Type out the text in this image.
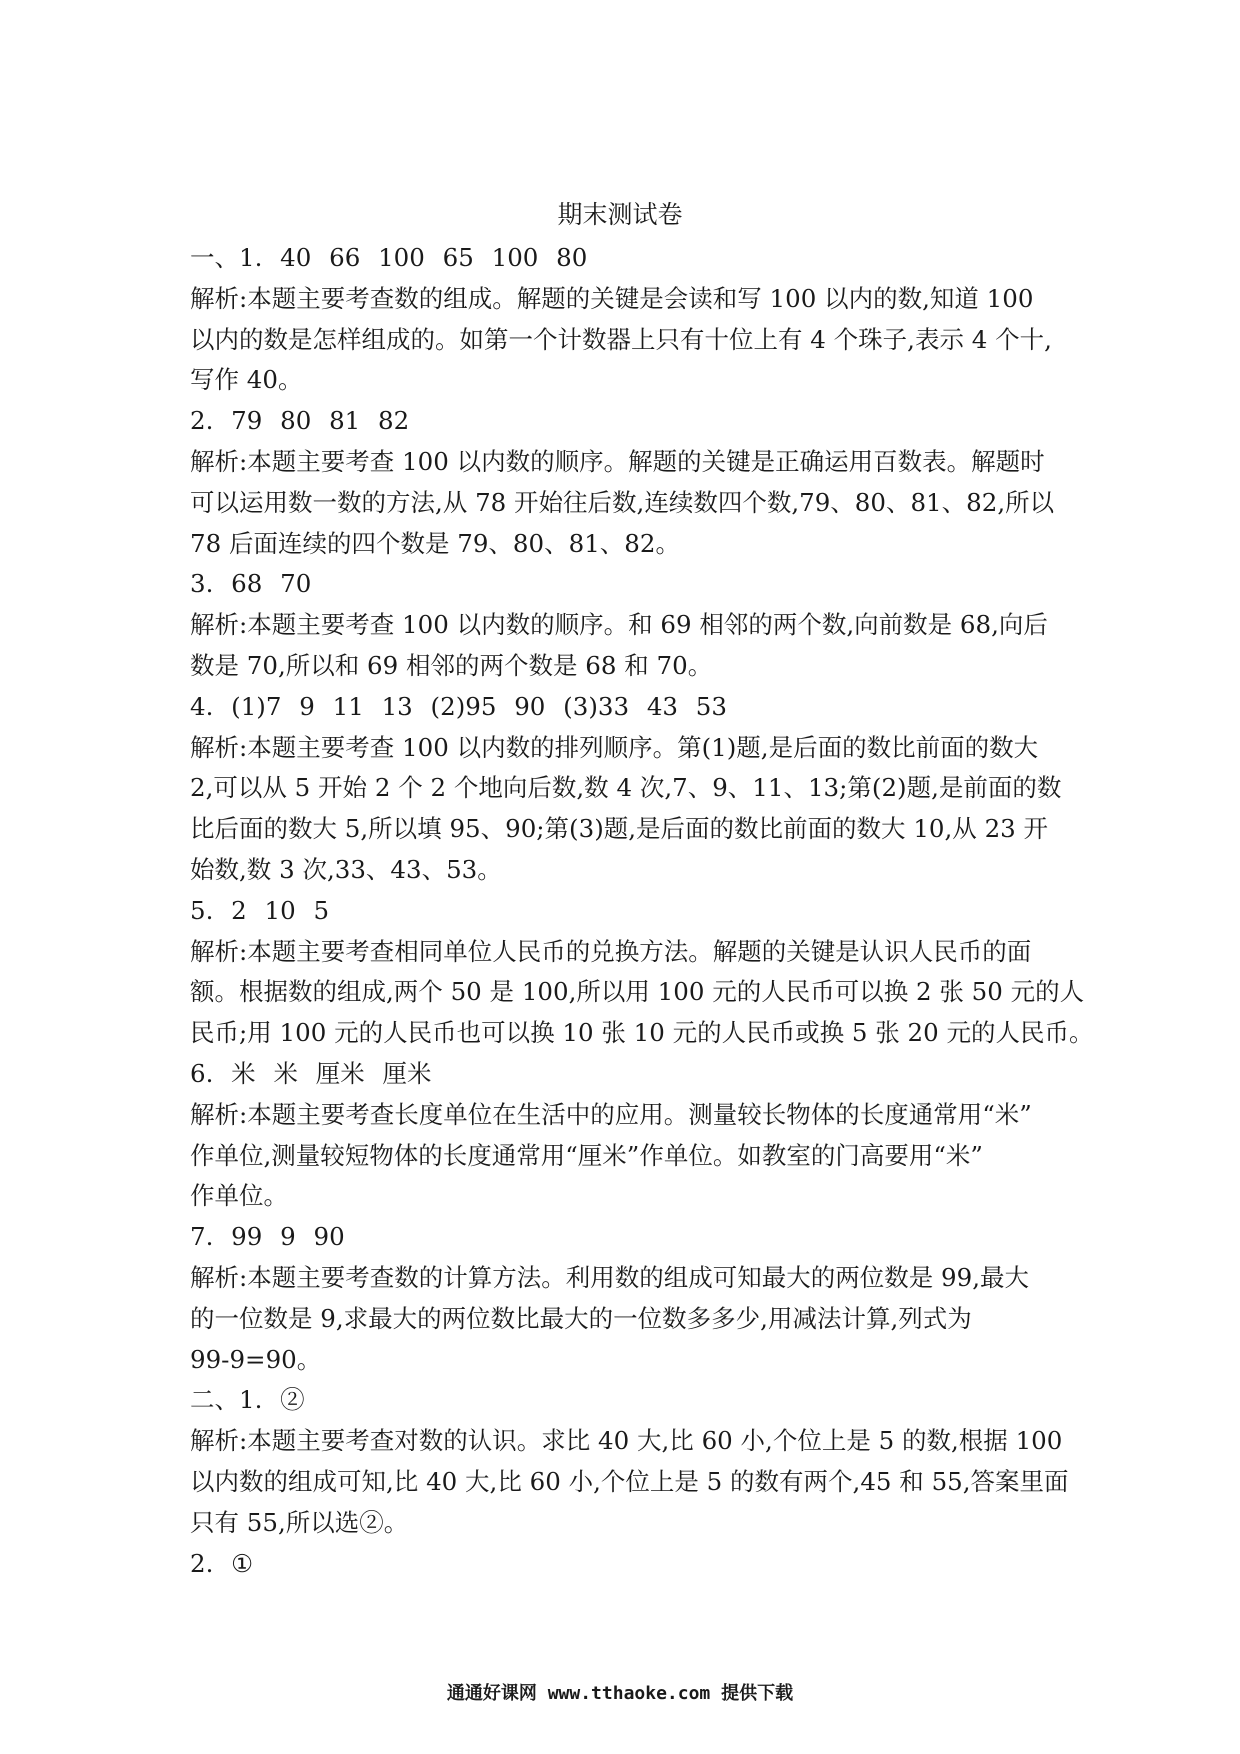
期末测试卷
一、1. 40 66 100 65 100 80
解析:本题主要考查数的组成。解题的关键是会读和写 100 以内的数,知道 100
以内的数是怎样组成的。如第一个计数器上只有十位上有 4 个珠子,表示 4 个十,
写作 40。
2. 79 80 81 82
解析:本题主要考查 100 以内数的顺序。解题的关键是正确运用百数表。解题时
可以运用数一数的方法,从 78 开始往后数,连续数四个数,79、80、81、82,所以
78 后面连续的四个数是 79、80、81、82。
3. 68 70
解析:本题主要考查 100 以内数的顺序。和 69 相邻的两个数,向前数是 68,向后
数是 70,所以和 69 相邻的两个数是 68 和 70。
4. (1)7 9 11 13 (2)95 90 (3)33 43 53
解析:本题主要考查 100 以内数的排列顺序。第(1)题,是后面的数比前面的数大
2,可以从 5 开始 2 个 2 个地向后数,数 4 次,7、9、11、13;第(2)题,是前面的数
比后面的数大 5,所以填 95、90;第(3)题,是后面的数比前面的数大 10,从 23 开
始数,数 3 次,33、43、53。
5. 2 10 5
解析:本题主要考查相同单位人民币的兑换方法。解题的关键是认识人民币的面
额。根据数的组成,两个 50 是 100,所以用 100 元的人民币可以换 2 张 50 元的人
民币;用 100 元的人民币也可以换 10 张 10 元的人民币或换 5 张 20 元的人民币。
6. 米 米 厘米 厘米
解析:本题主要考查长度单位在生活中的应用。测量较长物体的长度通常用“米”
作单位,测量较短物体的长度通常用“厘米”作单位。如教室的门高要用“米”
作单位。
7. 99 9 90
解析:本题主要考查数的计算方法。利用数的组成可知最大的两位数是 99,最大
的一位数是 9,求最大的两位数比最大的一位数多多少,用减法计算,列式为
99-9=90。
二、1. ②
解析:本题主要考查对数的认识。求比 40 大,比 60 小,个位上是 5 的数,根据 100
以内数的组成可知,比 40 大,比 60 小,个位上是 5 的数有两个,45 和 55,答案里面
只有 55,所以选②。
2. ①
通通好课网 www.tthaoke.com 提供下载
